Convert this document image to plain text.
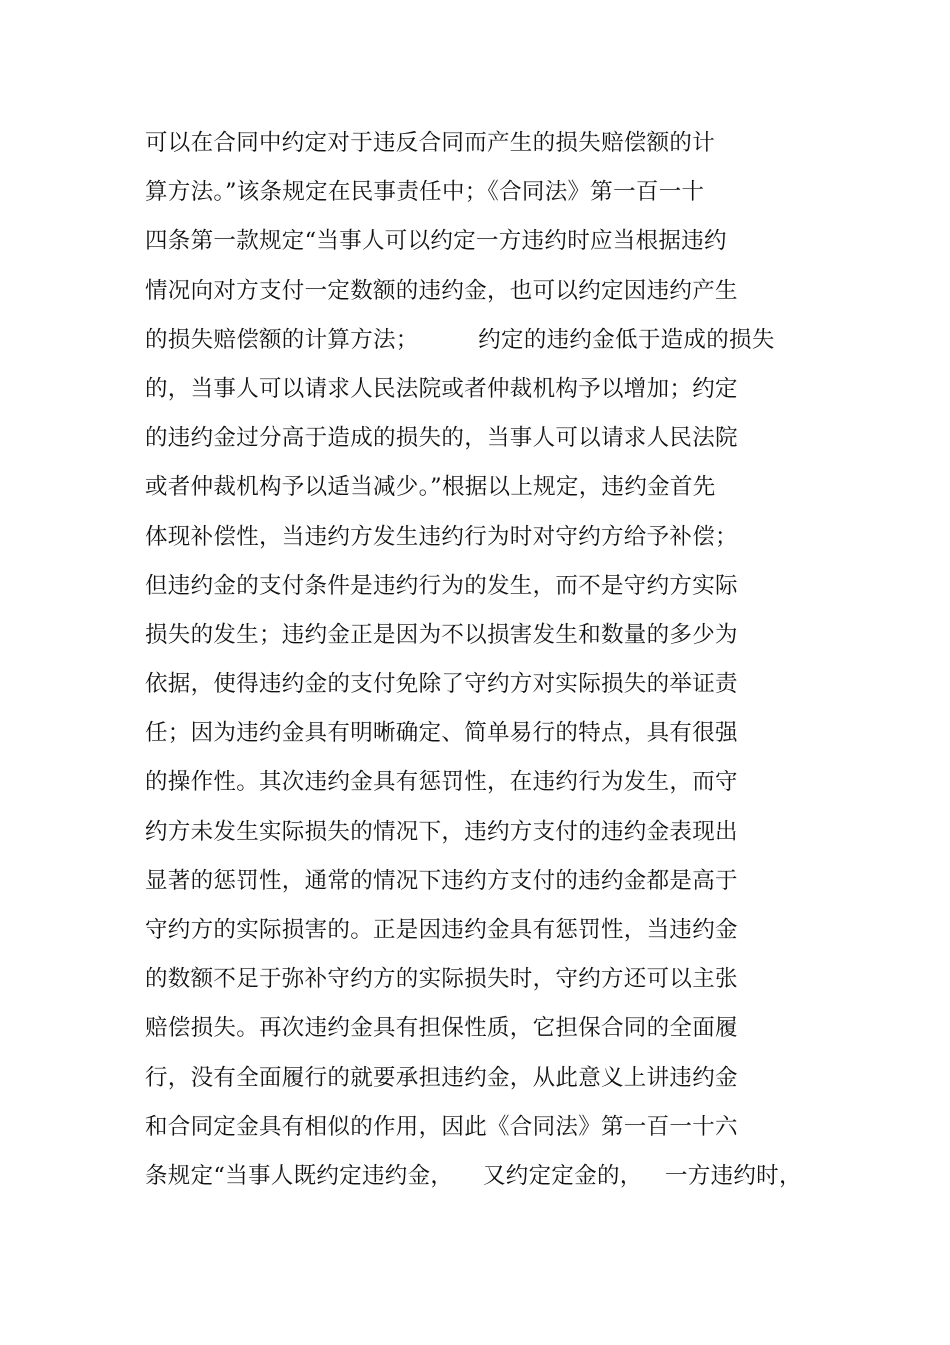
可以在合同中约定对于违反合同而产生的损失赔偿额的计
算方法。”该条规定在民事责任中；《合同法》第一百一十
四条第一款规定“当事人可以约定一方违约时应当根据违约
情况向对方支付一定数额的违约金，也可以约定因违约产生
的损失赔偿额的计算方法；        约定的违约金低于造成的损失
的，当事人可以请求人民法院或者仲裁机构予以增加；约定
的违约金过分高于造成的损失的，当事人可以请求人民法院
或者仲裁机构予以适当减少。”根据以上规定，违约金首先
体现补偿性，当违约方发生违约行为时对守约方给予补偿；
但违约金的支付条件是违约行为的发生，而不是守约方实际
损失的发生；违约金正是因为不以损害发生和数量的多少为
依据，使得违约金的支付免除了守约方对实际损失的举证责
任；因为违约金具有明晰确定、简单易行的特点，具有很强
的操作性。其次违约金具有惩罚性，在违约行为发生，而守
约方未发生实际损失的情况下，违约方支付的违约金表现出
显著的惩罚性，通常的情况下违约方支付的违约金都是高于
守约方的实际损害的。正是因违约金具有惩罚性，当违约金
的数额不足于弥补守约方的实际损失时，守约方还可以主张
赔偿损失。再次违约金具有担保性质，它担保合同的全面履
行，没有全面履行的就要承担违约金，从此意义上讲违约金
和合同定金具有相似的作用，因此《合同法》第一百一十六
条规定“当事人既约定违约金，    又约定定金的，   一方违约时，
